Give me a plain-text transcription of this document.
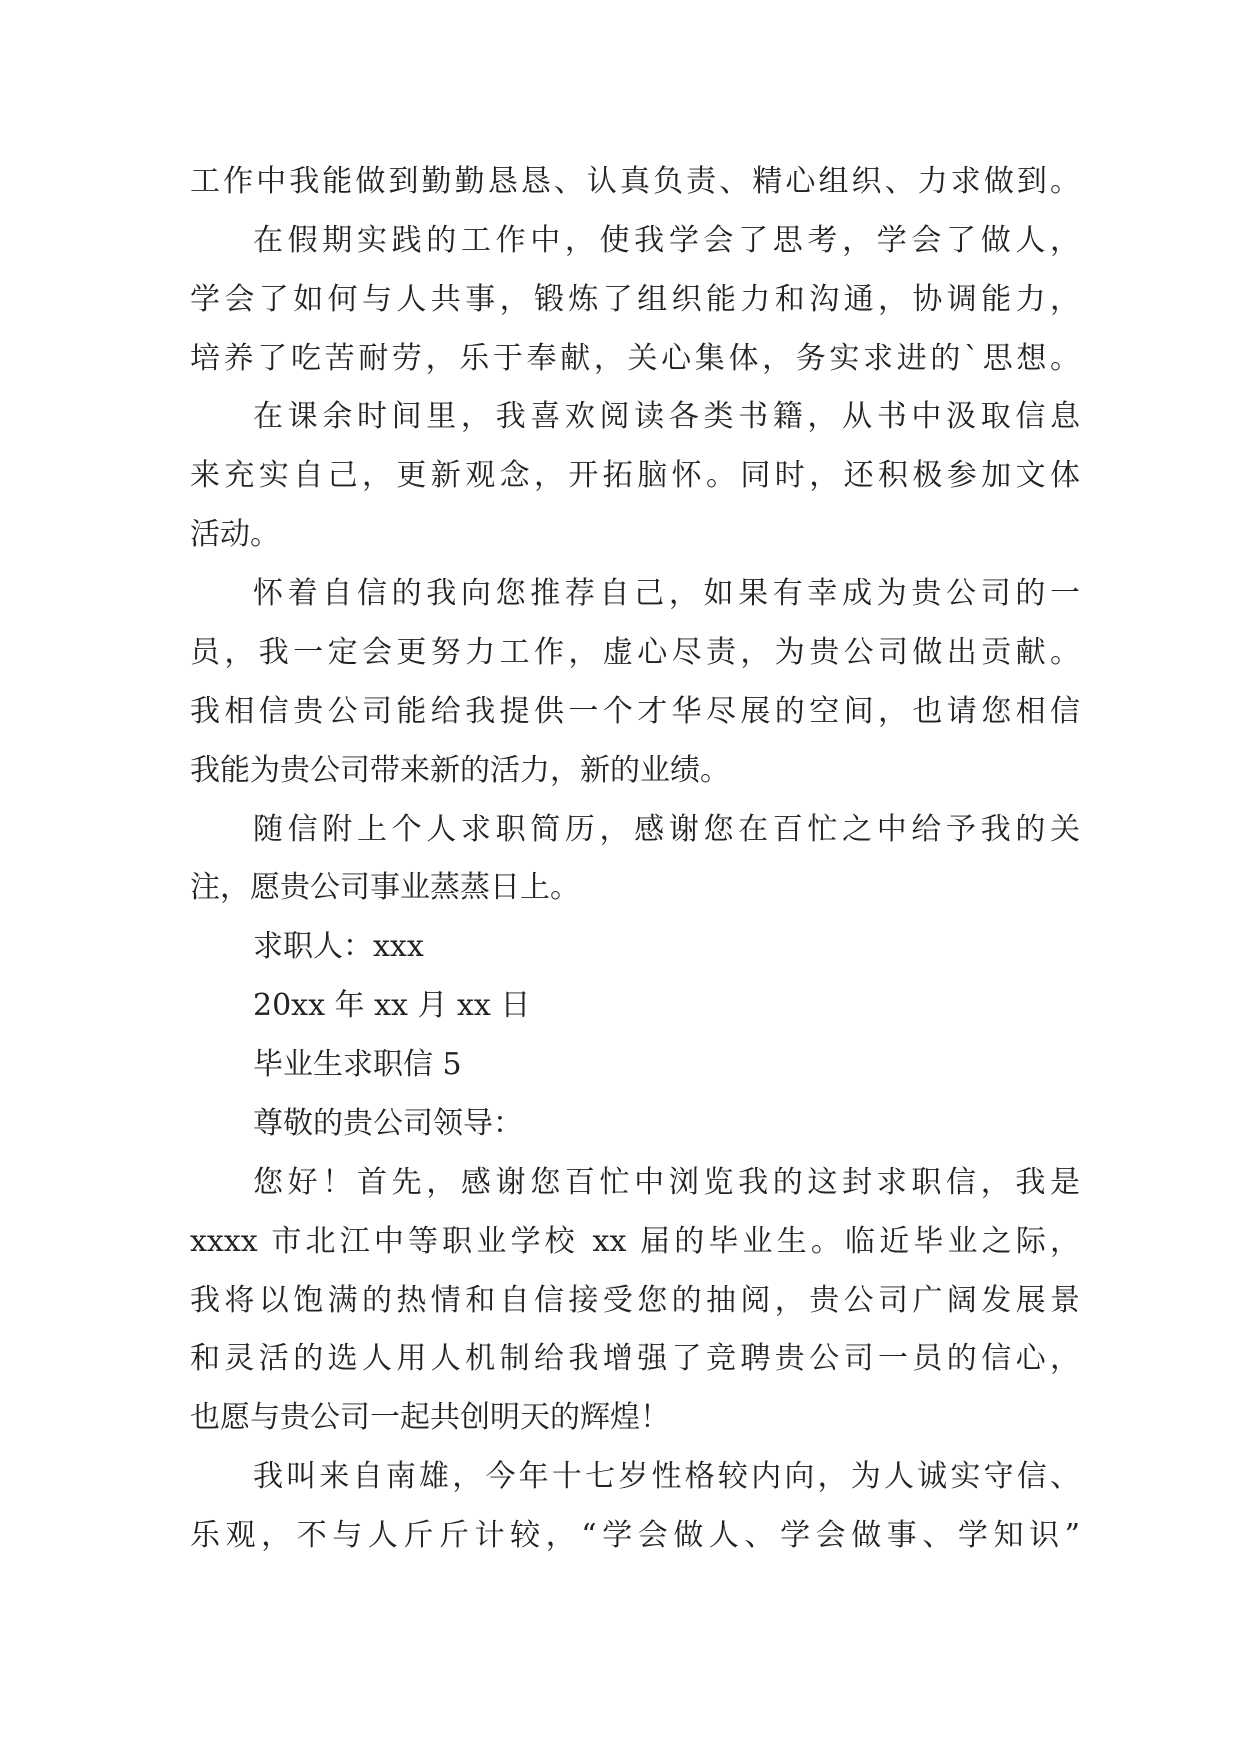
工作中我能做到勤勤恳恳、认真负责、精心组织、力求做到。
在假期实践的工作中，使我学会了思考，学会了做人，
学会了如何与人共事，锻炼了组织能力和沟通，协调能力，
培养了吃苦耐劳，乐于奉献，关心集体，务实求进的`思想。
在课余时间里，我喜欢阅读各类书籍，从书中汲取信息
来充实自己，更新观念，开拓脑怀。同时，还积极参加文体
活动。
怀着自信的我向您推荐自己，如果有幸成为贵公司的一
员，我一定会更努力工作，虚心尽责，为贵公司做出贡献。
我相信贵公司能给我提供一个才华尽展的空间，也请您相信
我能为贵公司带来新的活力，新的业绩。
随信附上个人求职简历，感谢您在百忙之中给予我的关
注，愿贵公司事业蒸蒸日上。
求职人：xxx
20xx 年 xx 月 xx 日
毕业生求职信 5
尊敬的贵公司领导：
您好！首先，感谢您百忙中浏览我的这封求职信，我是
xxxx 市北江中等职业学校 xx 届的毕业生。临近毕业之际，
我将以饱满的热情和自信接受您的抽阅，贵公司广阔发展景
和灵活的选人用人机制给我增强了竞聘贵公司一员的信心，
也愿与贵公司一起共创明天的辉煌！
我叫来自南雄，今年十七岁性格较内向，为人诚实守信、
乐观，不与人斤斤计较，“学会做人、学会做事、学知识”
